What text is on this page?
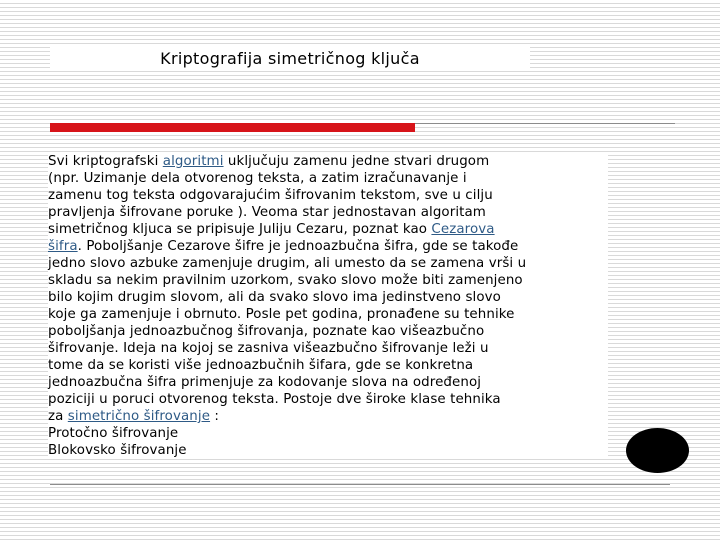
Kriptografija simetričnog ključa
Svi kriptografski algoritmi uključuju zamenu jedne stvari drugom
(npr. Uzimanje dela otvorenog teksta, a zatim izračunavanje i
zamenu tog teksta odgovarajućim šifrovanim tekstom, sve u cilju
pravljenja šifrovane poruke ). Veoma star jednostavan algoritam
simetričnog kljuca se pripisuje Juliju Cezaru, poznat kao Cezarova
šifra. Poboljšanje Cezarove šifre je jednoazbučna šifra, gde se takođe
jedno slovo azbuke zamenjuje drugim, ali umesto da se zamena vrši u
skladu sa nekim pravilnim uzorkom, svako slovo može biti zamenjeno
bilo kojim drugim slovom, ali da svako slovo ima jedinstveno slovo
koje ga zamenjuje i obrnuto. Posle pet godina, pronađene su tehnike
poboljšanja jednoazbučnog šifrovanja, poznate kao višeazbučno
šifrovanje. Ideja na kojoj se zasniva višeazbučno šifrovanje leži u
tome da se koristi više jednoazbučnih šifara, gde se konkretna
jednoazbučna šifra primenjuje za kodovanje slova na određenoj
poziciji u poruci otvorenog teksta. Postoje dve široke klase tehnika
za simetrično šifrovanje :
Protočno šifrovanje
Blokovsko šifrovanje
